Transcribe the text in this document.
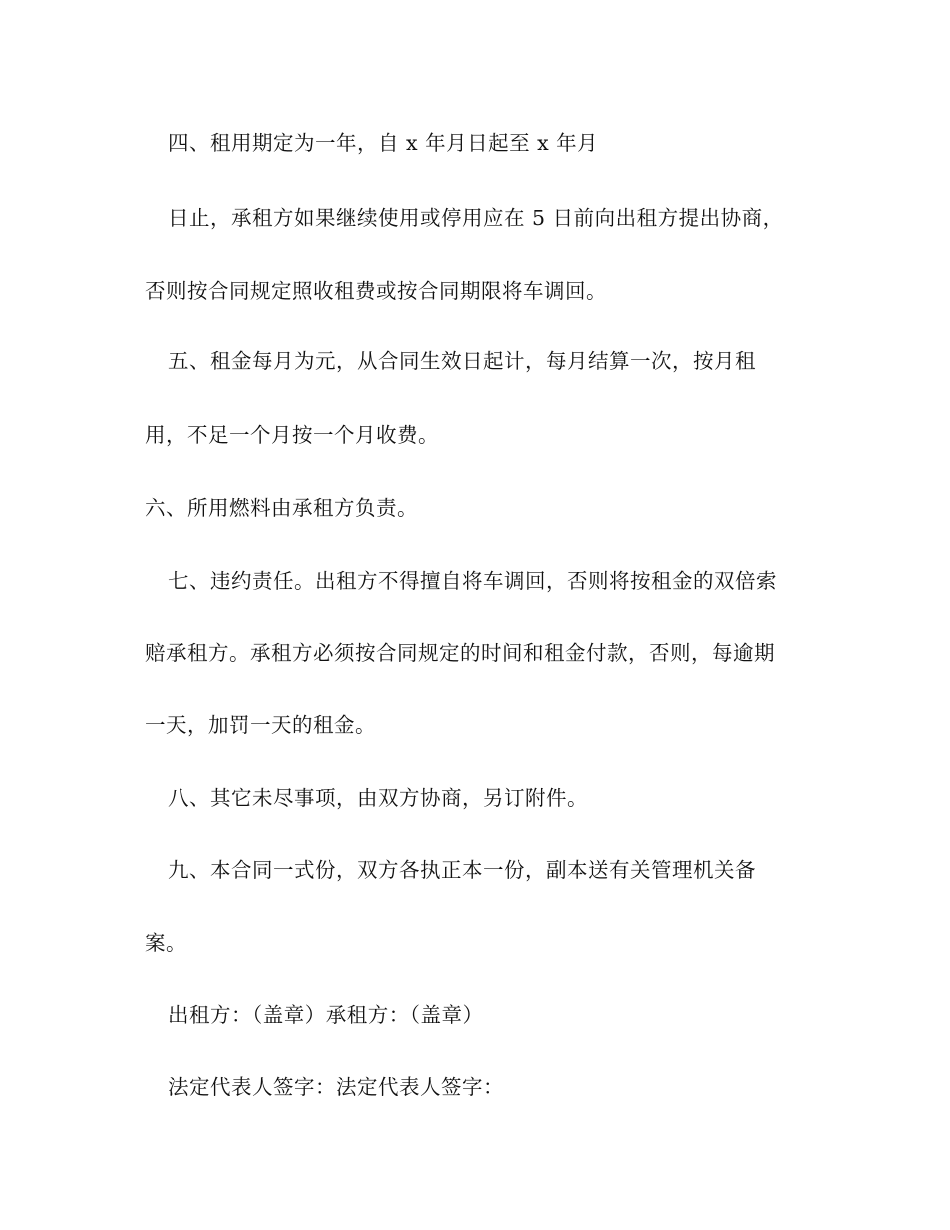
四、租用期定为一年，自 x 年月日起至 x 年月
日止，承租方如果继续使用或停用应在 5 日前向出租方提出协商，
否则按合同规定照收租费或按合同期限将车调回。
五、租金每月为元，从合同生效日起计，每月结算一次，按月租
用，不足一个月按一个月收费。
六、所用燃料由承租方负责。
七、违约责任。出租方不得擅自将车调回，否则将按租金的双倍索
赔承租方。承租方必须按合同规定的时间和租金付款，否则，每逾期
一天，加罚一天的租金。
八、其它未尽事项，由双方协商，另订附件。
九、本合同一式份，双方各执正本一份，副本送有关管理机关备
案。
出租方：（盖章）承租方：（盖章）
法定代表人签字：法定代表人签字：
